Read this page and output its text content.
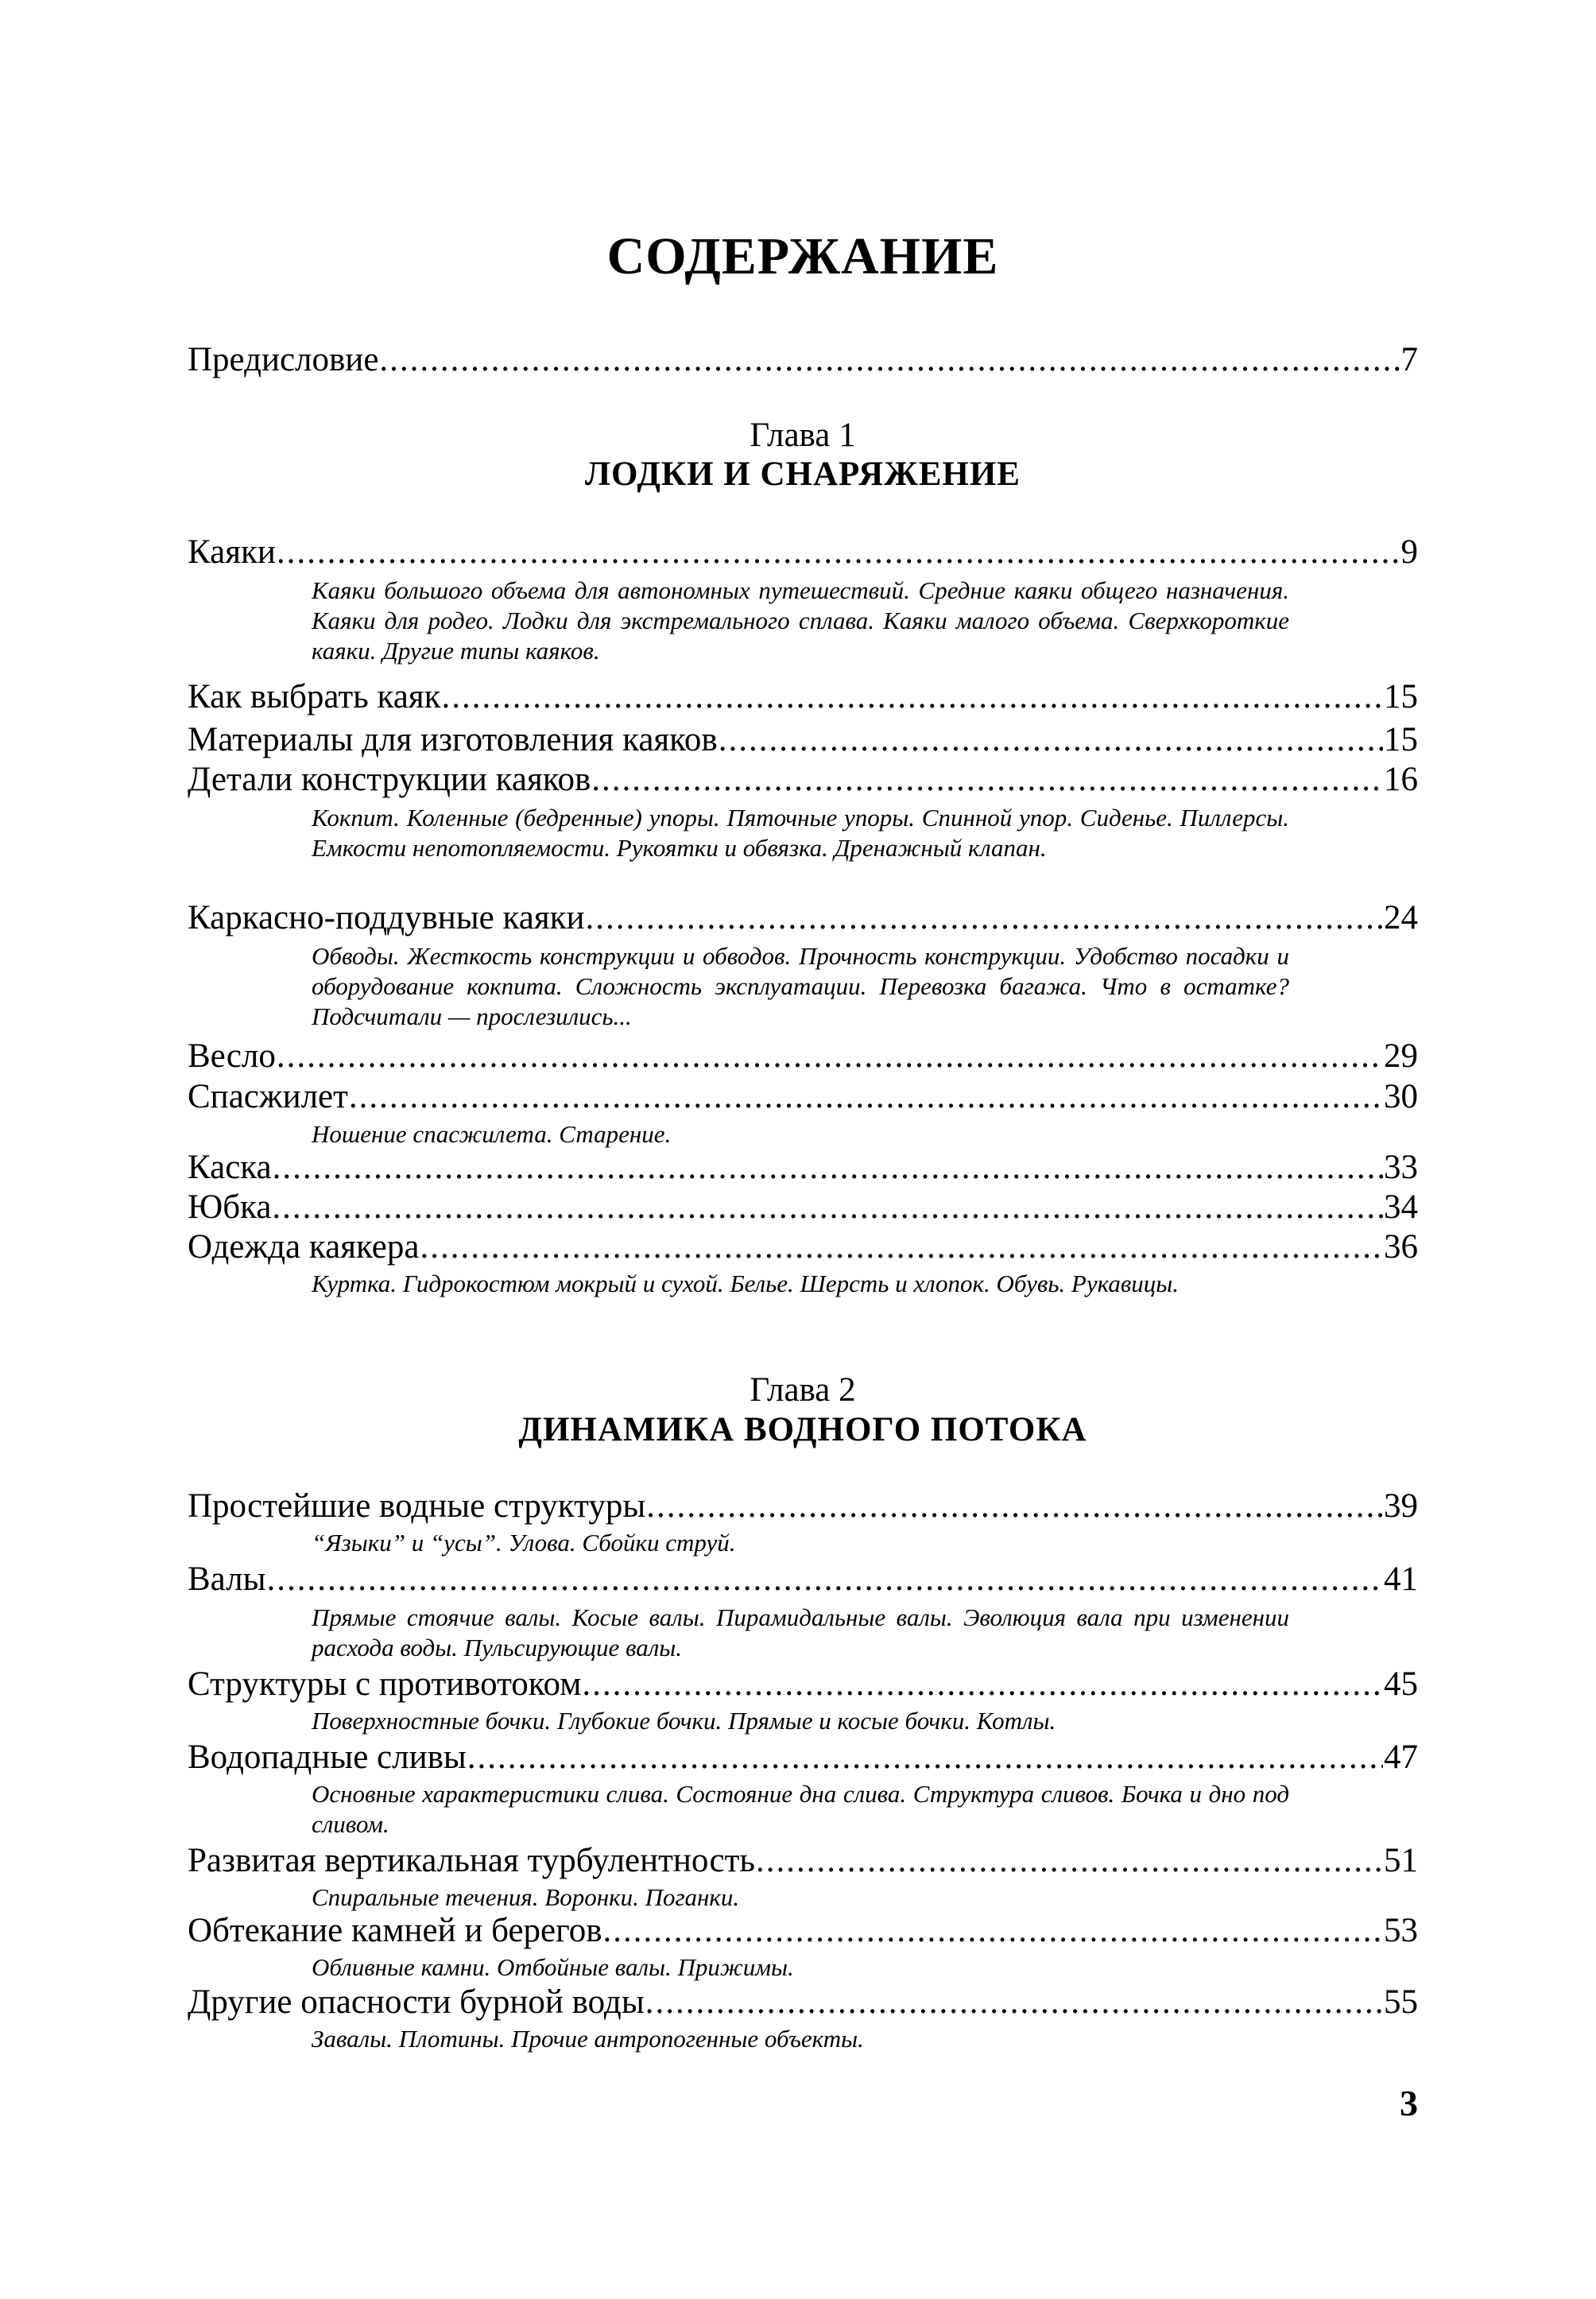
СОДЕРЖАНИЕ
Предисловие .....	7
Глава 1
ЛОДКИ И СНАРЯЖЕНИЕ
Каяки .....	9
Каяки большого объема для автономных путешествий. Средние каяки общего назначения. Каяки для родео. Лодки для экстремального сплава. Каяки малого объема. Сверхкороткие каяки. Другие типы каяков.
Как выбрать каяк .....	15
Материалы для изготовления каяков .....	15
Детали конструкции каяков .....	16
Кокпит. Коленные (бедренные) упоры. Пяточные упоры. Спинной упор. Сиденье. Пиллерсы. Емкости непотопляемости. Рукоятки и обвязка. Дренажный клапан.
Каркасно-поддувные каяки .....	24
Обводы. Жесткость конструкции и обводов. Прочность конструкции. Удобство посадки и оборудование кокпита. Сложность эксплуатации. Перевозка багажа. Что в остатке? Подсчитали — прослезились...
Весло .....	29
Спасжилет .....	30
Ношение спасжилета. Старение.
Каска .....	33
Юбка .....	34
Одежда каякера .....	36
Куртка. Гидрокостюм мокрый и сухой. Белье. Шерсть и хлопок. Обувь. Рукавицы.
Глава 2
ДИНАМИКА ВОДНОГО ПОТОКА
Простейшие водные структуры .....	39
“Языки” и “усы”. Улова. Сбойки струй.
Валы .....	41
Прямые стоячие валы. Косые валы. Пирамидальные валы. Эволюция вала при изменении расхода воды. Пульсирующие валы.
Структуры с противотоком .....	45
Поверхностные бочки. Глубокие бочки. Прямые и косые бочки. Котлы.
Водопадные сливы .....	47
Основные характеристики слива. Состояние дна слива. Структура сливов. Бочка и дно под сливом.
Развитая вертикальная турбулентность .....	51
Спиральные течения. Воронки. Поганки.
Обтекание камней и берегов .....	53
Обливные камни. Отбойные валы. Прижимы.
Другие опасности бурной воды .....	55
Завалы. Плотины. Прочие антропогенные объекты.
3
